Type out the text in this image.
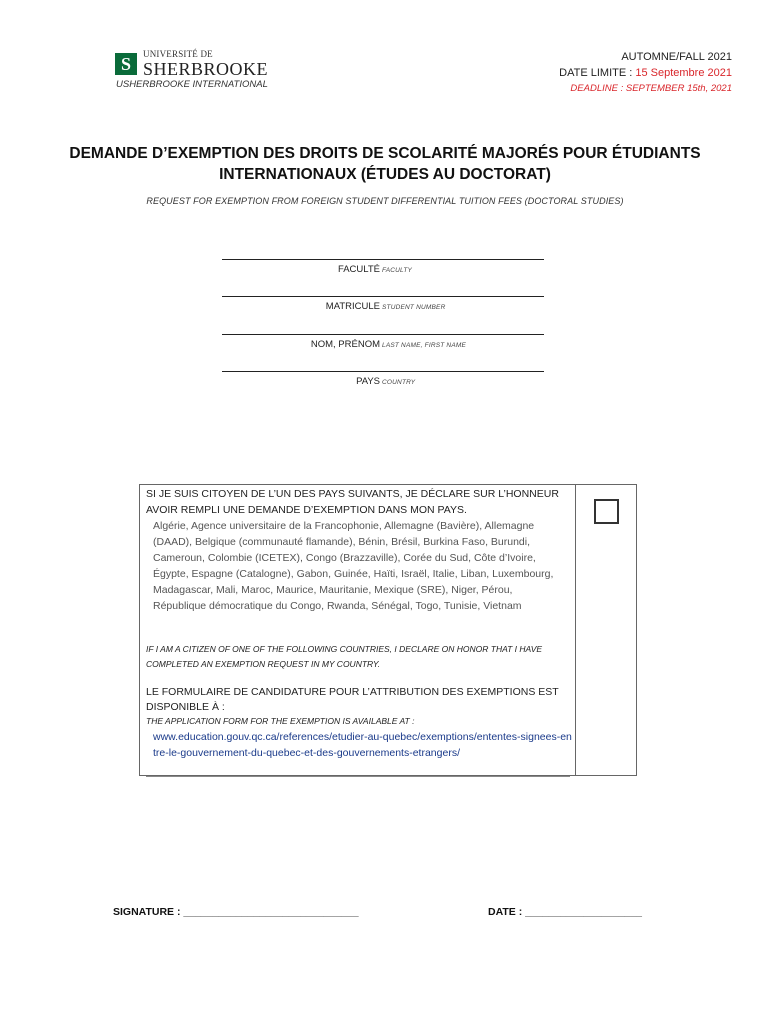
S	UNIVERSITÉ DE
SHERBROOKE
USHERBROOKE INTERNATIONAL
AUTOMNE/FALL 2021
DATE LIMITE : 15 Septembre 2021
DEADLINE : SEPTEMBER 15th, 2021
DEMANDE D’EXEMPTION DES DROITS DE SCOLARITÉ MAJORÉS POUR ÉTUDIANTS INTERNATIONAUX (ÉTUDES AU DOCTORAT)
REQUEST FOR EXEMPTION FROM FOREIGN STUDENT DIFFERENTIAL TUITION FEES (DOCTORAL STUDIES)
FACULTÉ FACULTY
MATRICULE STUDENT NUMBER
NOM, PRÉNOM LAST NAME, FIRST NAME
PAYS COUNTRY
SI JE SUIS CITOYEN DE L’UN DES PAYS SUIVANTS, JE DÉCLARE SUR L’HONNEUR AVOIR REMPLI UNE DEMANDE D’EXEMPTION DANS MON PAYS.
Algérie, Agence universitaire de la Francophonie, Allemagne (Bavière), Allemagne (DAAD), Belgique (communauté flamande), Bénin, Brésil, Burkina Faso, Burundi, Cameroun, Colombie (ICETEX), Congo (Brazzaville), Corée du Sud, Côte d’Ivoire, Égypte, Espagne (Catalogne), Gabon, Guinée, Haïti, Israël, Italie, Liban, Luxembourg, Madagascar, Mali, Maroc, Maurice, Mauritanie, Mexique (SRE), Niger, Pérou, République démocratique du Congo, Rwanda, Sénégal, Togo, Tunisie, Vietnam
IF I AM A CITIZEN OF ONE OF THE FOLLOWING COUNTRIES, I DECLARE ON HONOR THAT I HAVE COMPLETED AN EXEMPTION REQUEST IN MY COUNTRY.
LE FORMULAIRE DE CANDIDATURE POUR L’ATTRIBUTION DES EXEMPTIONS EST DISPONIBLE À :
THE APPLICATION FORM FOR THE EXEMPTION IS AVAILABLE AT :
www.education.gouv.qc.ca/references/etudier-au-quebec/exemptions/ententes-signees-entre-le-gouvernement-du-quebec-et-des-gouvernements-etrangers/
SIGNATURE : ______________________________	DATE : ____________________
